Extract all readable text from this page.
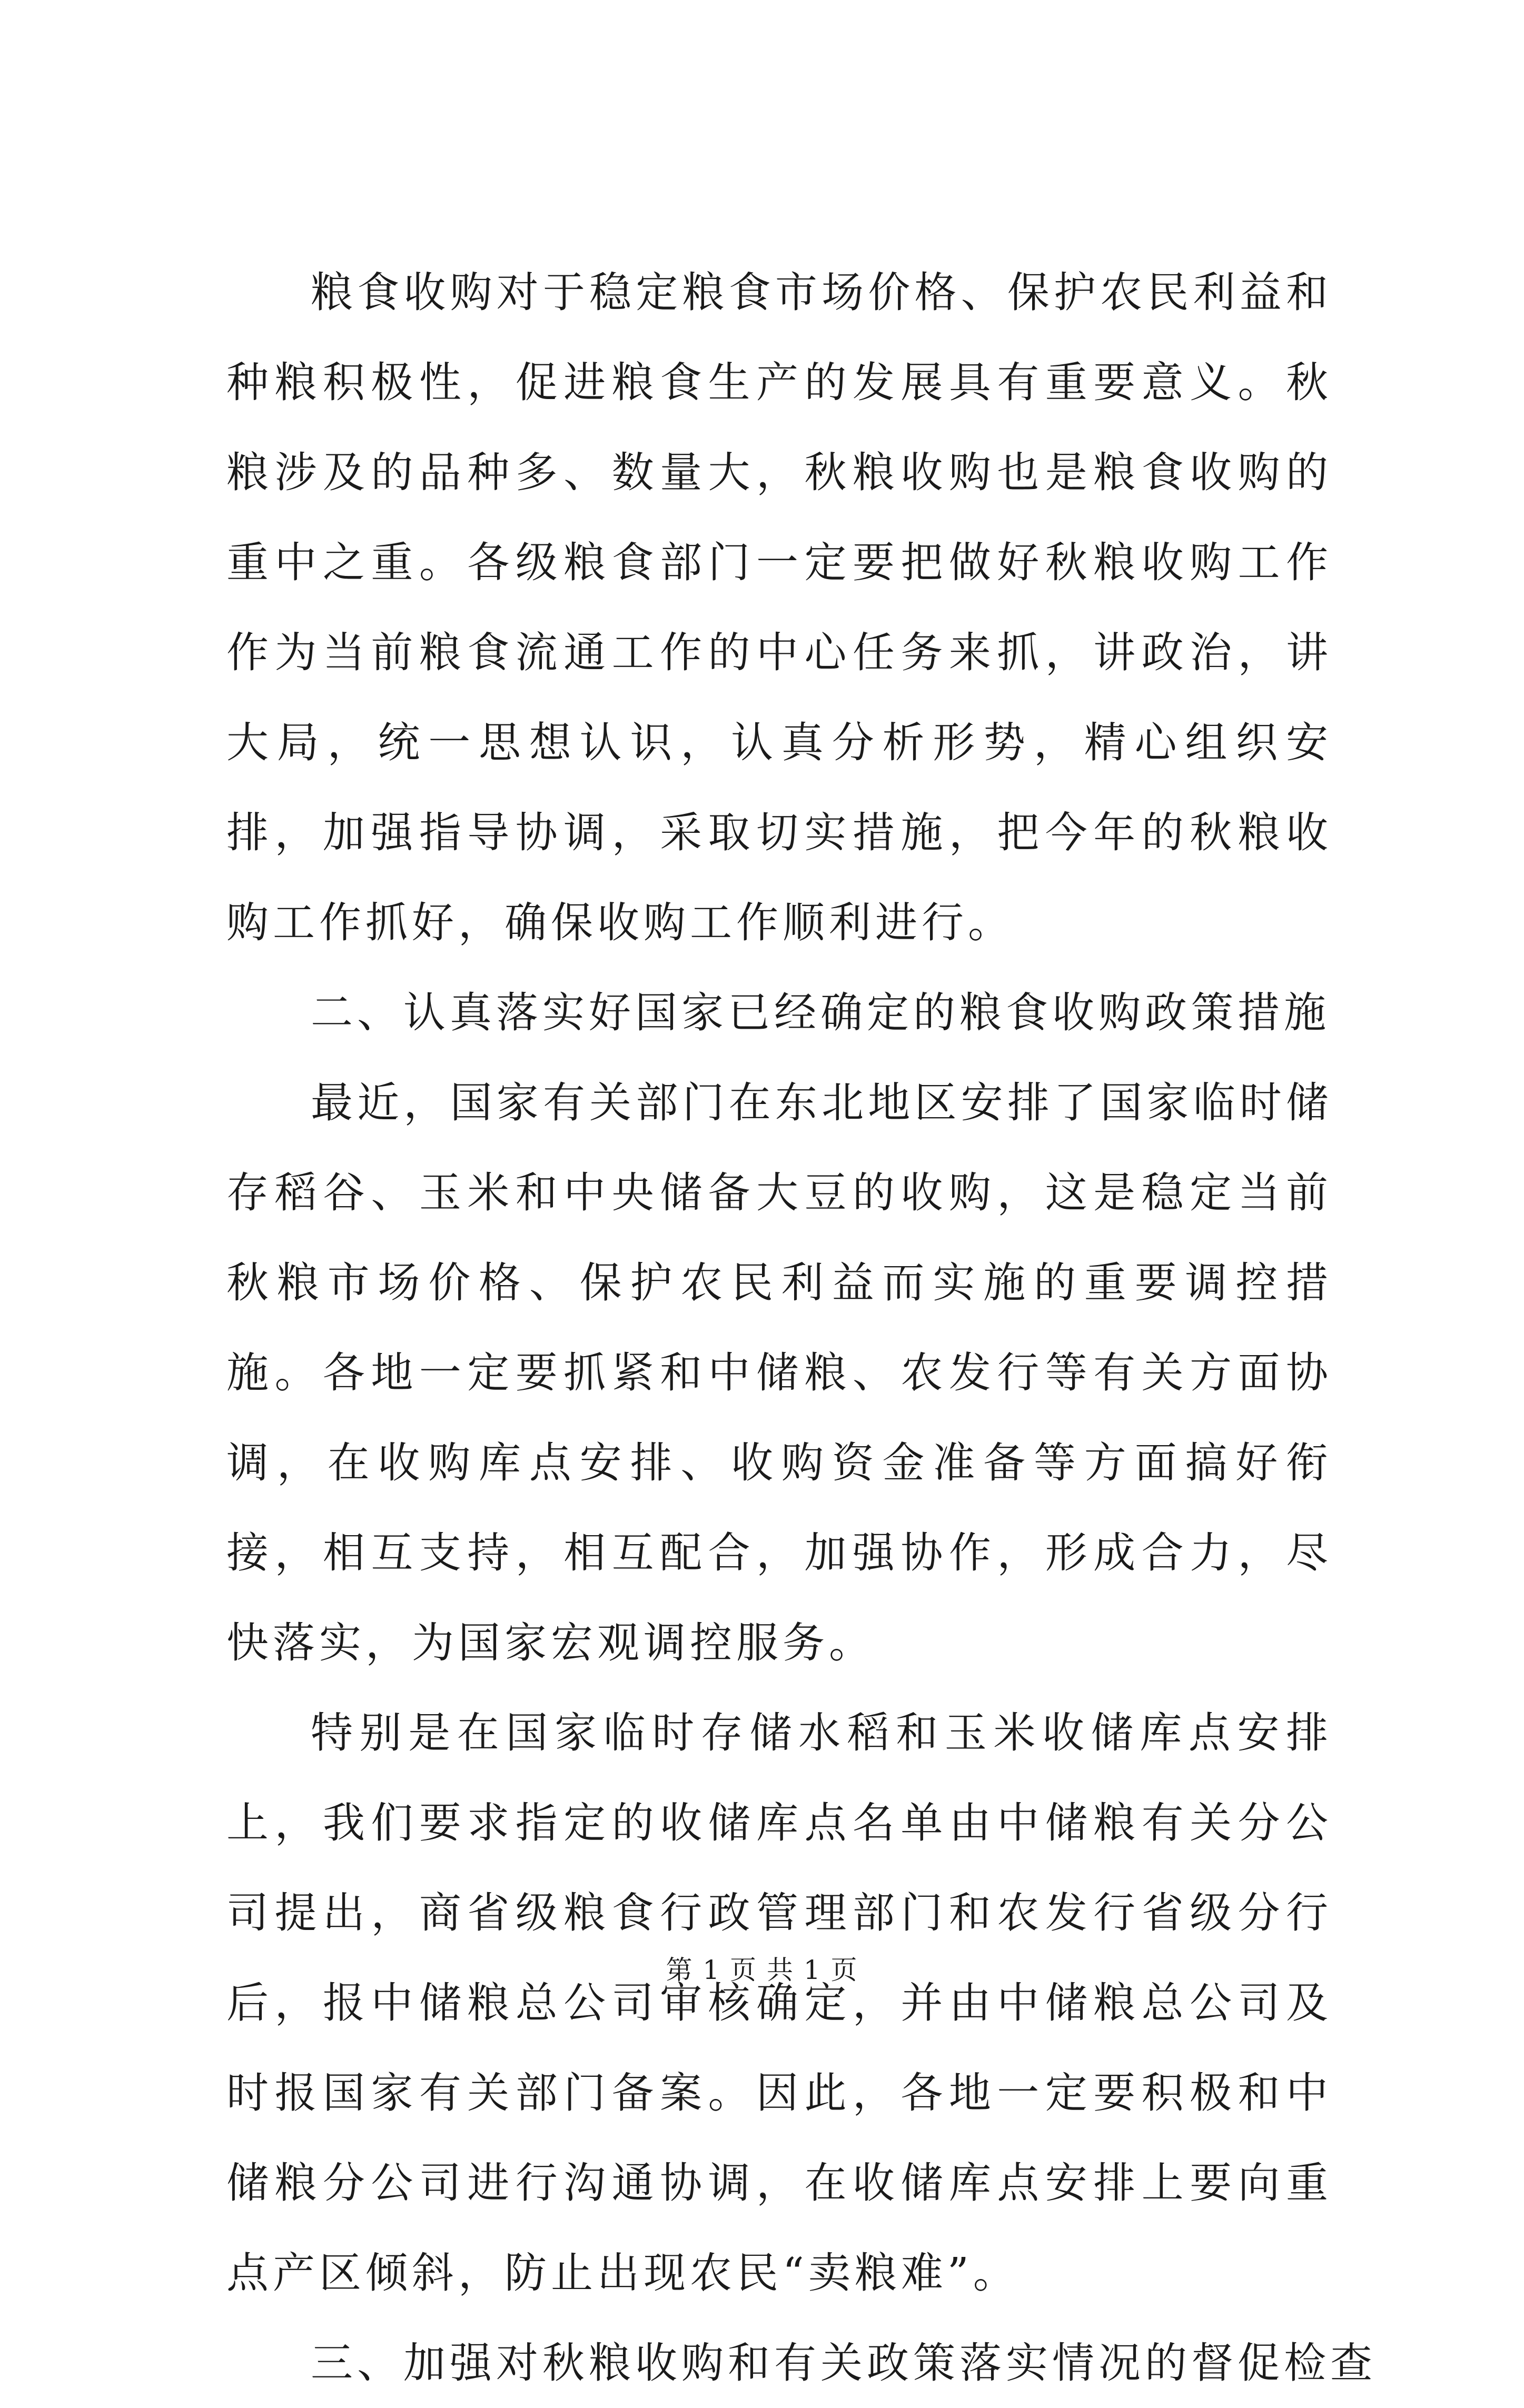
粮食收购对于稳定粮食市场价格、保护农民利益和种粮积极性，促进粮食生产的发展具有重要意义。秋粮涉及的品种多、数量大，秋粮收购也是粮食收购的重中之重。各级粮食部门一定要把做好秋粮收购工作作为当前粮食流通工作的中心任务来抓，讲政治，讲大局，统一思想认识，认真分析形势，精心组织安排，加强指导协调，采取切实措施，把今年的秋粮收购工作抓好，确保收购工作顺利进行。

二、认真落实好国家已经确定的粮食收购政策措施

最近，国家有关部门在东北地区安排了国家临时储存稻谷、玉米和中央储备大豆的收购，这是稳定当前秋粮市场价格、保护农民利益而实施的重要调控措施。各地一定要抓紧和中储粮、农发行等有关方面协调，在收购库点安排、收购资金准备等方面搞好衔接，相互支持，相互配合，加强协作，形成合力，尽快落实，为国家宏观调控服务。

特别是在国家临时存储水稻和玉米收储库点安排上，我们要求指定的收储库点名单由中储粮有关分公司提出，商省级粮食行政管理部门和农发行省级分行后，报中储粮总公司审核确定，并由中储粮总公司及时报国家有关部门备案。因此，各地一定要积极和中储粮分公司进行沟通协调，在收储库点安排上要向重点产区倾斜，防止出现农民“卖粮难”。

三、加强对秋粮收购和有关政策落实情况的督促检查

第 1 页 共 1 页
